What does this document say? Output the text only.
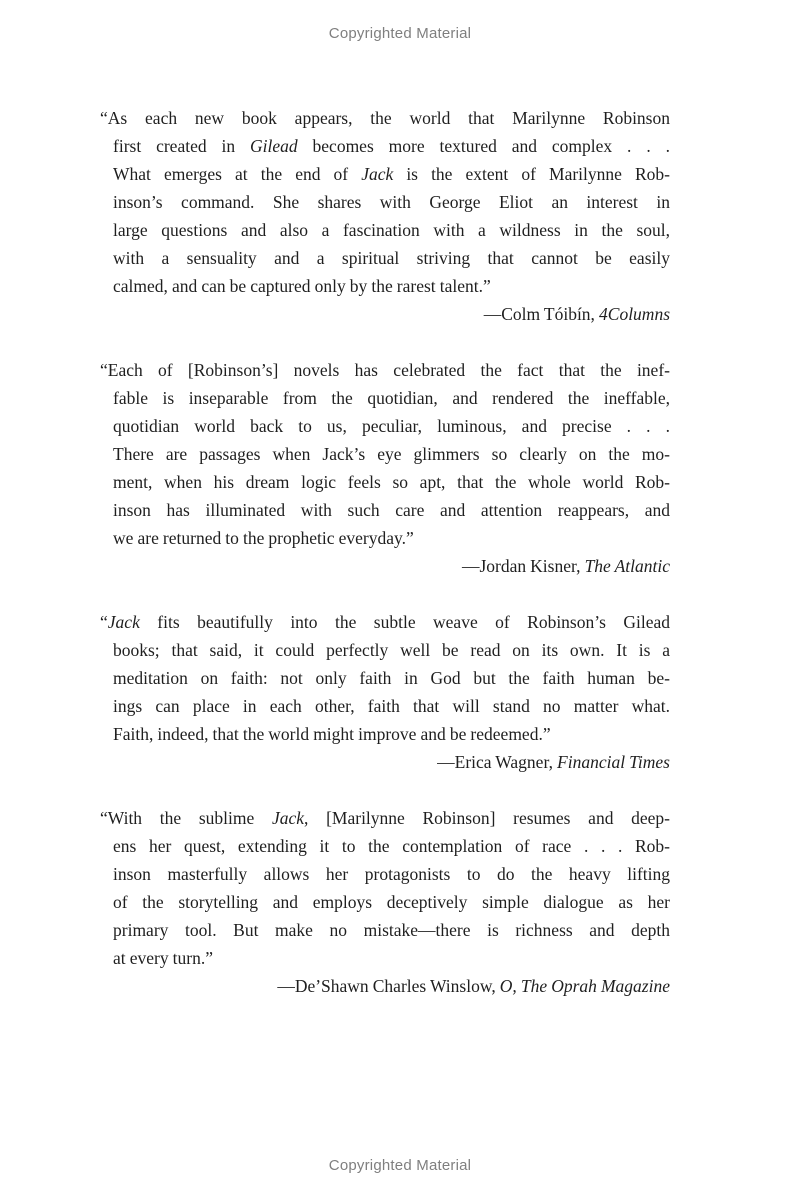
Copyrighted Material
“As each new book appears, the world that Marilynne Robinson
first created in Gilead becomes more textured and complex . . .
What emerges at the end of Jack is the extent of Marilynne Rob-
inson’s command. She shares with George Eliot an interest in
large questions and also a fascination with a wildness in the soul,
with a sensuality and a spiritual striving that cannot be easily
calmed, and can be captured only by the rarest talent.”
—Colm Tóibín, 4Columns
“Each of [Robinson’s] novels has celebrated the fact that the inef-
fable is inseparable from the quotidian, and rendered the ineffable,
quotidian world back to us, peculiar, luminous, and precise . . .
There are passages when Jack’s eye glimmers so clearly on the mo-
ment, when his dream logic feels so apt, that the whole world Rob-
inson has illuminated with such care and attention reappears, and
we are returned to the prophetic everyday.”
—Jordan Kisner, The Atlantic
“Jack fits beautifully into the subtle weave of Robinson’s Gilead
books; that said, it could perfectly well be read on its own. It is a
meditation on faith: not only faith in God but the faith human be-
ings can place in each other, faith that will stand no matter what.
Faith, indeed, that the world might improve and be redeemed.”
—Erica Wagner, Financial Times
“With the sublime Jack, [Marilynne Robinson] resumes and deep-
ens her quest, extending it to the contemplation of race . . . Rob-
inson masterfully allows her protagonists to do the heavy lifting
of the storytelling and employs deceptively simple dialogue as her
primary tool. But make no mistake—there is richness and depth
at every turn.”
—De’Shawn Charles Winslow, O, The Oprah Magazine
Copyrighted Material
